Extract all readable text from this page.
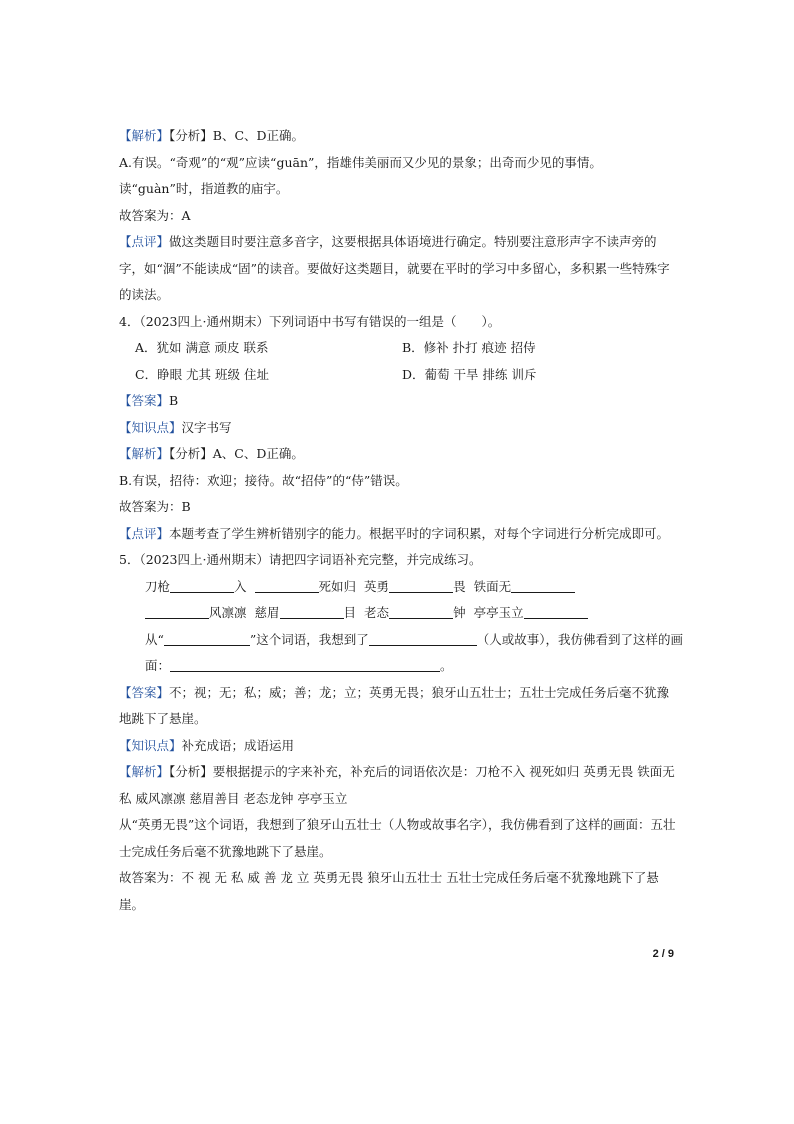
【解析】【分析】B、C、D正确。
A.有误。“奇观”的“观”应读“guān”，指雄伟美丽而又少见的景象；出奇而少见的事情。读“guàn”时，指道教的庙宇。
故答案为：A
【点评】做这类题目时要注意多音字，这要根据具体语境进行确定。特别要注意形声字不读声旁的字，如“涸”不能读成“固”的读音。要做好这类题目，就要在平时的学习中多留心，多积累一些特殊字的读法。
4．（2023四上·通州期末）下列词语中书写有错误的一组是（　　）。
A．犹如 满意 顽皮 联系	B．修补 扑打 痕迹 招侍
C．睁眼 尤其 班级 住址	D．葡萄 干旱 排练 训斥
【答案】B
【知识点】汉字书写
【解析】【分析】A、C、D正确。
B.有误，招待：欢迎；接待。故“招侍”的“侍”错误。
故答案为：B
【点评】本题考查了学生辨析错别字的能力。根据平时的字词积累，对每个字词进行分析完成即可。
5．（2023四上·通州期末）请把四字词语补充完整，并完成练习。
刀枪	入	死如归 英勇	畏 铁面无
风凛凛 慈眉	目 老态	钟 亭亭玉立
从“	”这个词语，我想到了	（人或故事），我仿佛看到了这样的画
面：	。
【答案】不；视；无；私；威；善；龙；立；英勇无畏；狼牙山五壮士；五壮士完成任务后毫不犹豫地跳下了悬崖。
【知识点】补充成语；成语运用
【解析】【分析】要根据提示的字来补充，补充后的词语依次是：刀枪不入 视死如归 英勇无畏 铁面无私 威风凛凛 慈眉善目 老态龙钟 亭亭玉立
从“英勇无畏”这个词语，我想到了狼牙山五壮士（人物或故事名字），我仿佛看到了这样的画面：五壮士完成任务后毫不犹豫地跳下了悬崖。
故答案为：不 视 无 私 威 善 龙 立 英勇无畏 狼牙山五壮士 五壮士完成任务后毫不犹豫地跳下了悬崖。
2 / 9
